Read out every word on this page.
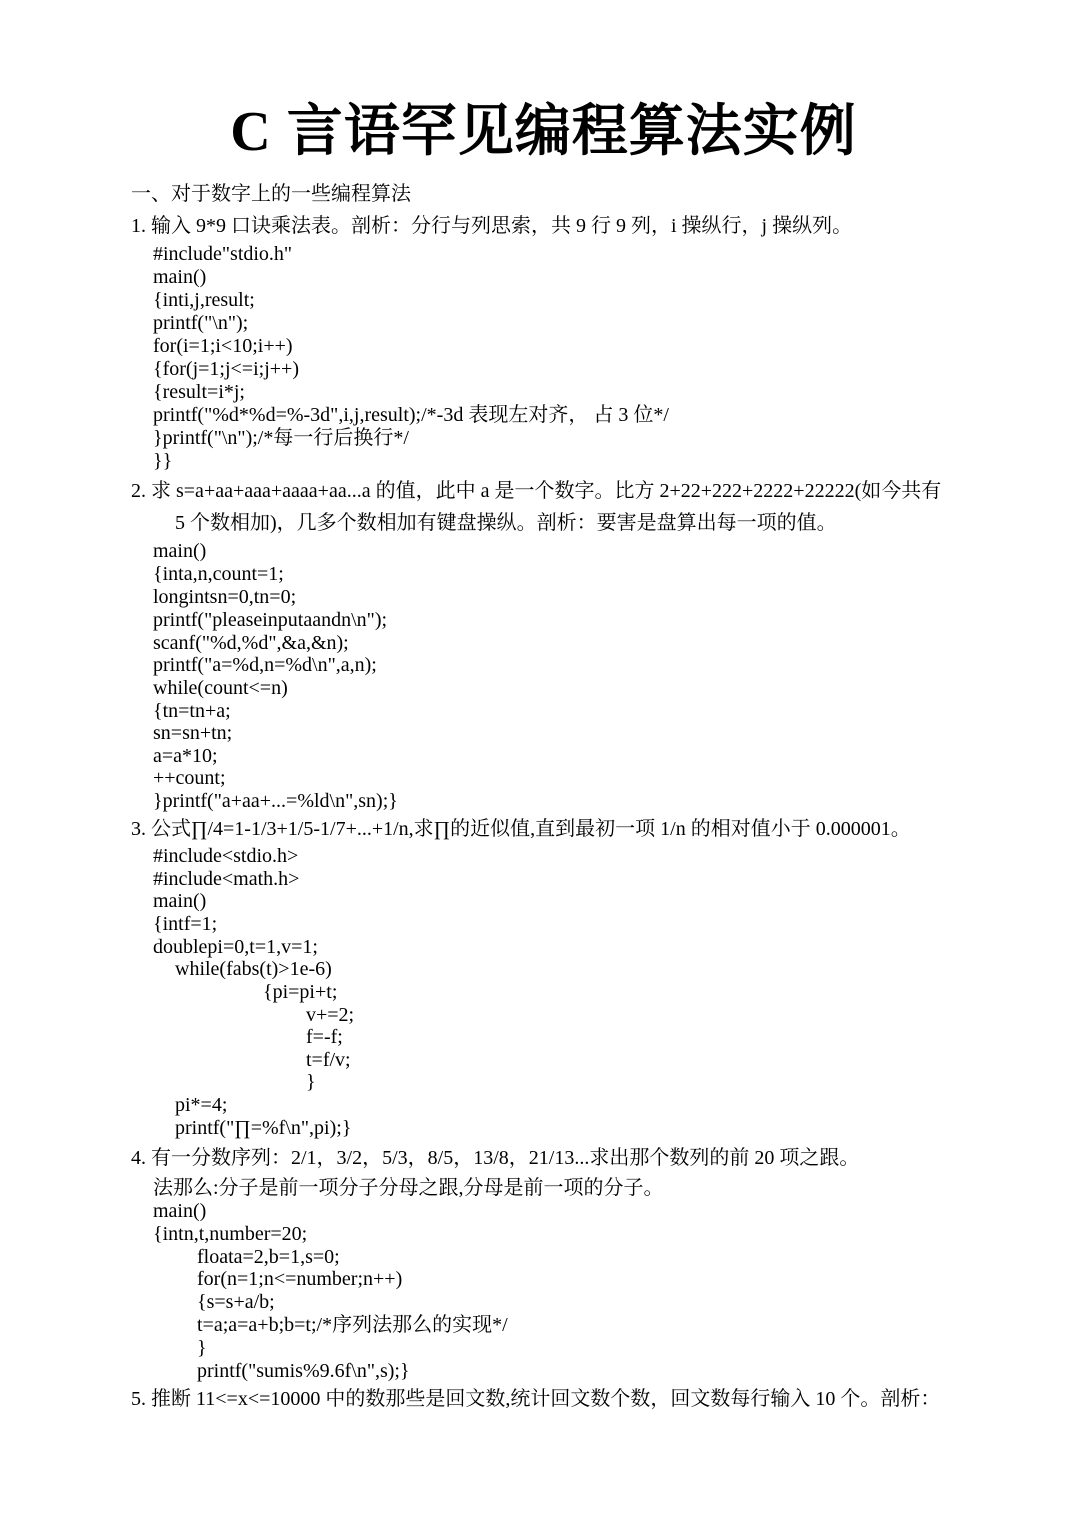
C 言语罕见编程算法实例
一、对于数字上的一些编程算法
1. 输入 9*9 口诀乘法表。剖析：分行与列思索，共 9 行 9 列，i 操纵行，j 操纵列。
#include"stdio.h"
main()
{inti,j,result;
printf("\n");
for(i=1;i<10;i++)
{for(j=1;j<=i;j++)
{result=i*j;
printf("%d*%d=%-3d",i,j,result);/*-3d 表现左对齐， 占 3 位*/
}printf("\n");/*每一行后换行*/
}}
2. 求 s=a+aa+aaa+aaaa+aa...a 的值，此中 a 是一个数字。比方 2+22+222+2222+22222(如今共有
5 个数相加)，几多个数相加有键盘操纵。剖析：要害是盘算出每一项的值。
main()
{inta,n,count=1;
longintsn=0,tn=0;
printf("pleaseinputaandn\n");
scanf("%d,%d",&a,&n);
printf("a=%d,n=%d\n",a,n);
while(count<=n)
{tn=tn+a;
sn=sn+tn;
a=a*10;
++count;
}printf("a+aa+...=%ld\n",sn);}
3. 公式∏/4=1-1/3+1/5-1/7+...+1/n,求∏的近似值,直到最初一项 1/n 的相对值小于 0.000001。
#include<stdio.h>
#include<math.h>
main()
{intf=1;
doublepi=0,t=1,v=1;
while(fabs(t)>1e-6)
{pi=pi+t;
v+=2;
f=-f;
t=f/v;
}
pi*=4;
printf("∏=%f\n",pi);}
4. 有一分数序列：2/1，3/2，5/3，8/5，13/8，21/13...求出那个数列的前 20 项之跟。
法那么:分子是前一项分子分母之跟,分母是前一项的分子。
main()
{intn,t,number=20;
floata=2,b=1,s=0;
for(n=1;n<=number;n++)
{s=s+a/b;
t=a;a=a+b;b=t;/*序列法那么的实现*/
}
printf("sumis%9.6f\n",s);}
5. 推断 11<=x<=10000 中的数那些是回文数,统计回文数个数，回文数每行输入 10 个。剖析：
